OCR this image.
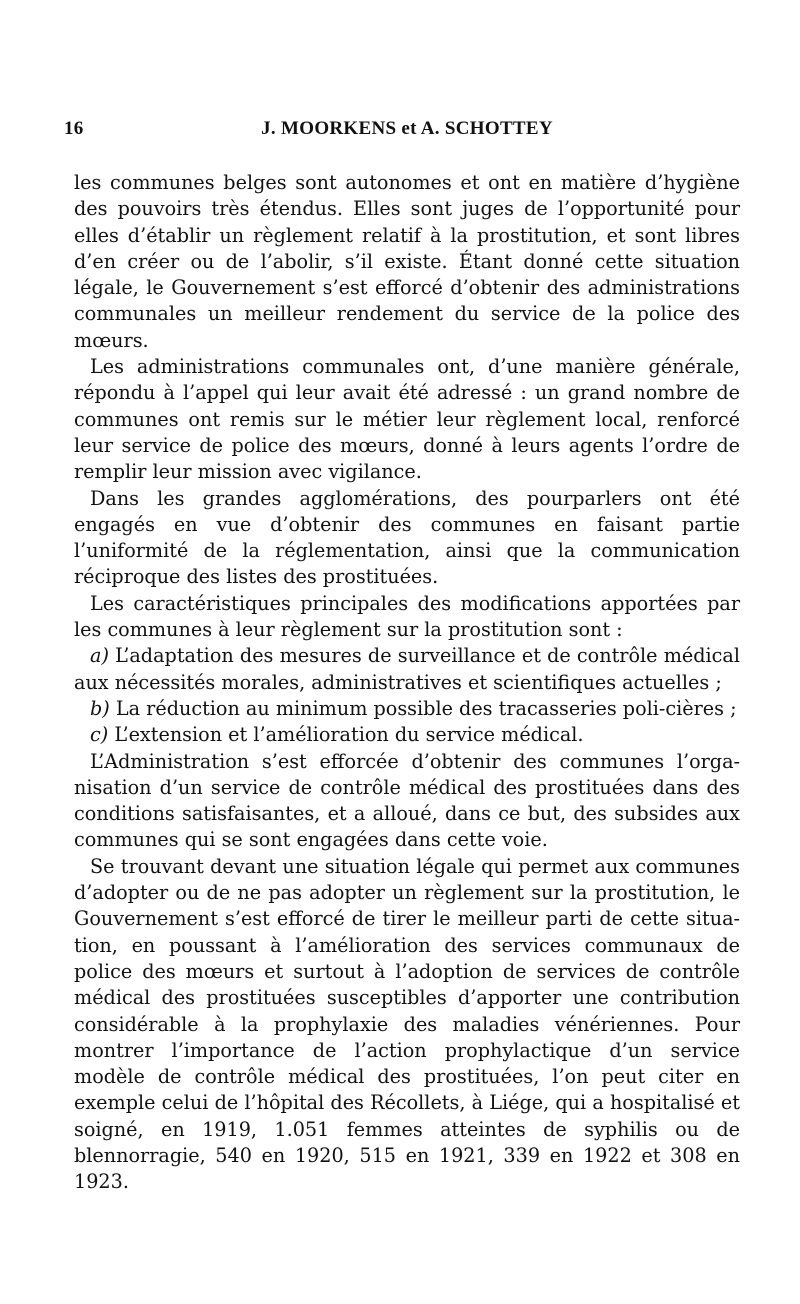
16	J. MOORKENS et A. SCHOTTEY

les communes belges sont autonomes et ont en matière d’hygiène des pouvoirs très étendus. Elles sont juges de l’opportunité pour elles d’établir un règlement relatif à la prostitution, et sont libres d’en créer ou de l’abolir, s’il existe. Étant donné cette situation légale, le Gouvernement s’est efforcé d’obtenir des administrations communales un meilleur rendement du service de la police des mœurs.

Les administrations communales ont, d’une manière générale, répondu à l’appel qui leur avait été adressé : un grand nombre de communes ont remis sur le métier leur règlement local, renforcé leur service de police des mœurs, donné à leurs agents l’ordre de remplir leur mission avec vigilance.

Dans les grandes agglomérations, des pourparlers ont été engagés en vue d’obtenir des communes en faisant partie l’uniformité de la réglementation, ainsi que la communication réciproque des listes des prostituées.

Les caractéristiques principales des modifications apportées par les communes à leur règlement sur la prostitution sont :

a) L’adaptation des mesures de surveillance et de contrôle médical aux nécessités morales, administratives et scientifiques actuelles ;

b) La réduction au minimum possible des tracasseries poli-cières ;

c) L’extension et l’amélioration du service médical.

L’Administration s’est efforcée d’obtenir des communes l’orga-nisation d’un service de contrôle médical des prostituées dans des conditions satisfaisantes, et a alloué, dans ce but, des subsides aux communes qui se sont engagées dans cette voie.

Se trouvant devant une situation légale qui permet aux communes d’adopter ou de ne pas adopter un règlement sur la prostitution, le Gouvernement s’est efforcé de tirer le meilleur parti de cette situa-tion, en poussant à l’amélioration des services communaux de police des mœurs et surtout à l’adoption de services de contrôle médical des prostituées susceptibles d’apporter une contribution considérable à la prophylaxie des maladies vénériennes. Pour montrer l’importance de l’action prophylactique d’un service modèle de contrôle médical des prostituées, l’on peut citer en exemple celui de l’hôpital des Récollets, à Liége, qui a hospitalisé et soigné, en 1919, 1.051 femmes atteintes de syphilis ou de blennorragie, 540 en 1920, 515 en 1921, 339 en 1922 et 308 en 1923.
